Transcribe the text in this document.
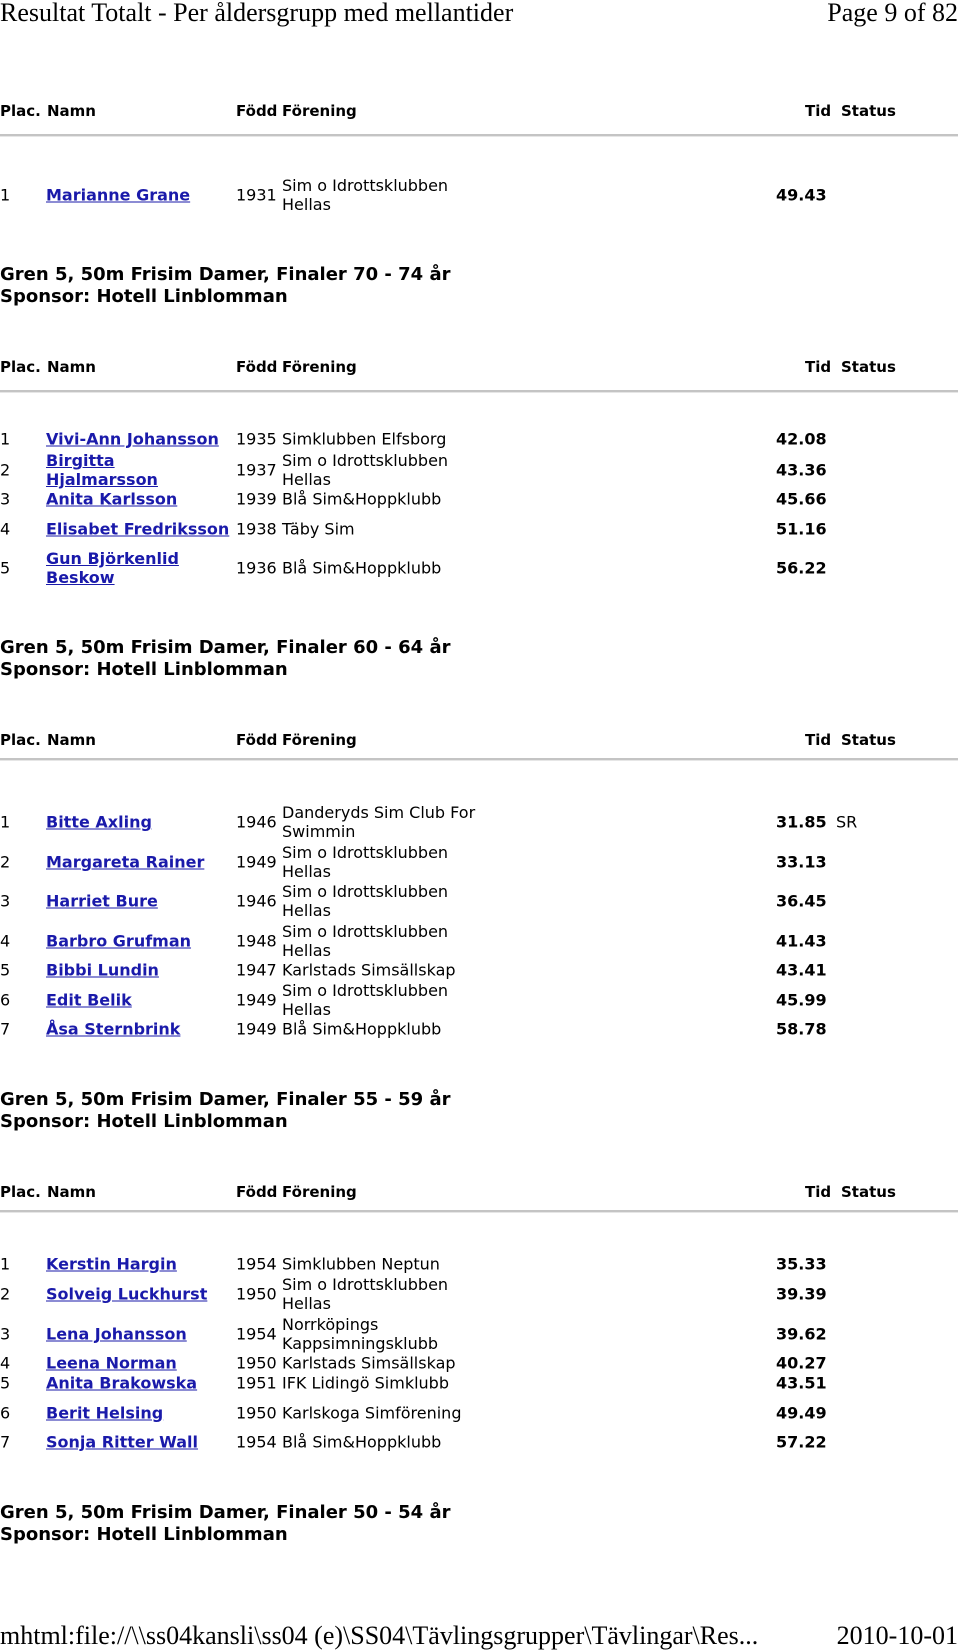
Resultat Totalt - Per åldersgrupp med mellantider	Page 9 of 82
Plac. Namn	Född Förening	Tid Status
1 Marianne Grane	1931 Sim o Idrottsklubben Hellas	49.43
Gren 5, 50m Frisim Damer, Finaler 70 - 74 år
Sponsor: Hotell Linblomman
Plac. Namn	Född Förening	Tid Status
1 Vivi-Ann Johansson	1935 Simklubben Elfsborg	42.08
2 Birgitta Hjalmarsson	1937 Sim o Idrottsklubben Hellas	43.36
3 Anita Karlsson	1939 Blå Sim&Hoppklubb	45.66
4 Elisabet Fredriksson 1938 Täby Sim	51.16
5 Gun Björkenlid Beskow	1936 Blå Sim&Hoppklubb	56.22
Gren 5, 50m Frisim Damer, Finaler 60 - 64 år
Sponsor: Hotell Linblomman
Plac. Namn	Född Förening	Tid Status
1 Bitte Axling	1946 Danderyds Sim Club For Swimmin	31.85 SR
2 Margareta Rainer	1949 Sim o Idrottsklubben Hellas	33.13
3 Harriet Bure	1946 Sim o Idrottsklubben Hellas	36.45
4 Barbro Grufman	1948 Sim o Idrottsklubben Hellas	41.43
5 Bibbi Lundin	1947 Karlstads Simsällskap	43.41
6 Edit Belik	1949 Sim o Idrottsklubben Hellas	45.99
7 Åsa Sternbrink	1949 Blå Sim&Hoppklubb	58.78
Gren 5, 50m Frisim Damer, Finaler 55 - 59 år
Sponsor: Hotell Linblomman
Plac. Namn	Född Förening	Tid Status
1 Kerstin Hargin	1954 Simklubben Neptun	35.33
2 Solveig Luckhurst	1950 Sim o Idrottsklubben Hellas	39.39
3 Lena Johansson	1954 Norrköpings Kappsimningsklubb	39.62
4 Leena Norman	1950 Karlstads Simsällskap	40.27
5 Anita Brakowska	1951 IFK Lidingö Simklubb	43.51
6 Berit Helsing	1950 Karlskoga Simförening	49.49
7 Sonja Ritter Wall	1954 Blå Sim&Hoppklubb	57.22
Gren 5, 50m Frisim Damer, Finaler 50 - 54 år
Sponsor: Hotell Linblomman
mhtml:file://\\ss04kansli\ss04 (e)\SS04\Tävlingsgrupper\Tävlingar\Res...	2010-10-01
